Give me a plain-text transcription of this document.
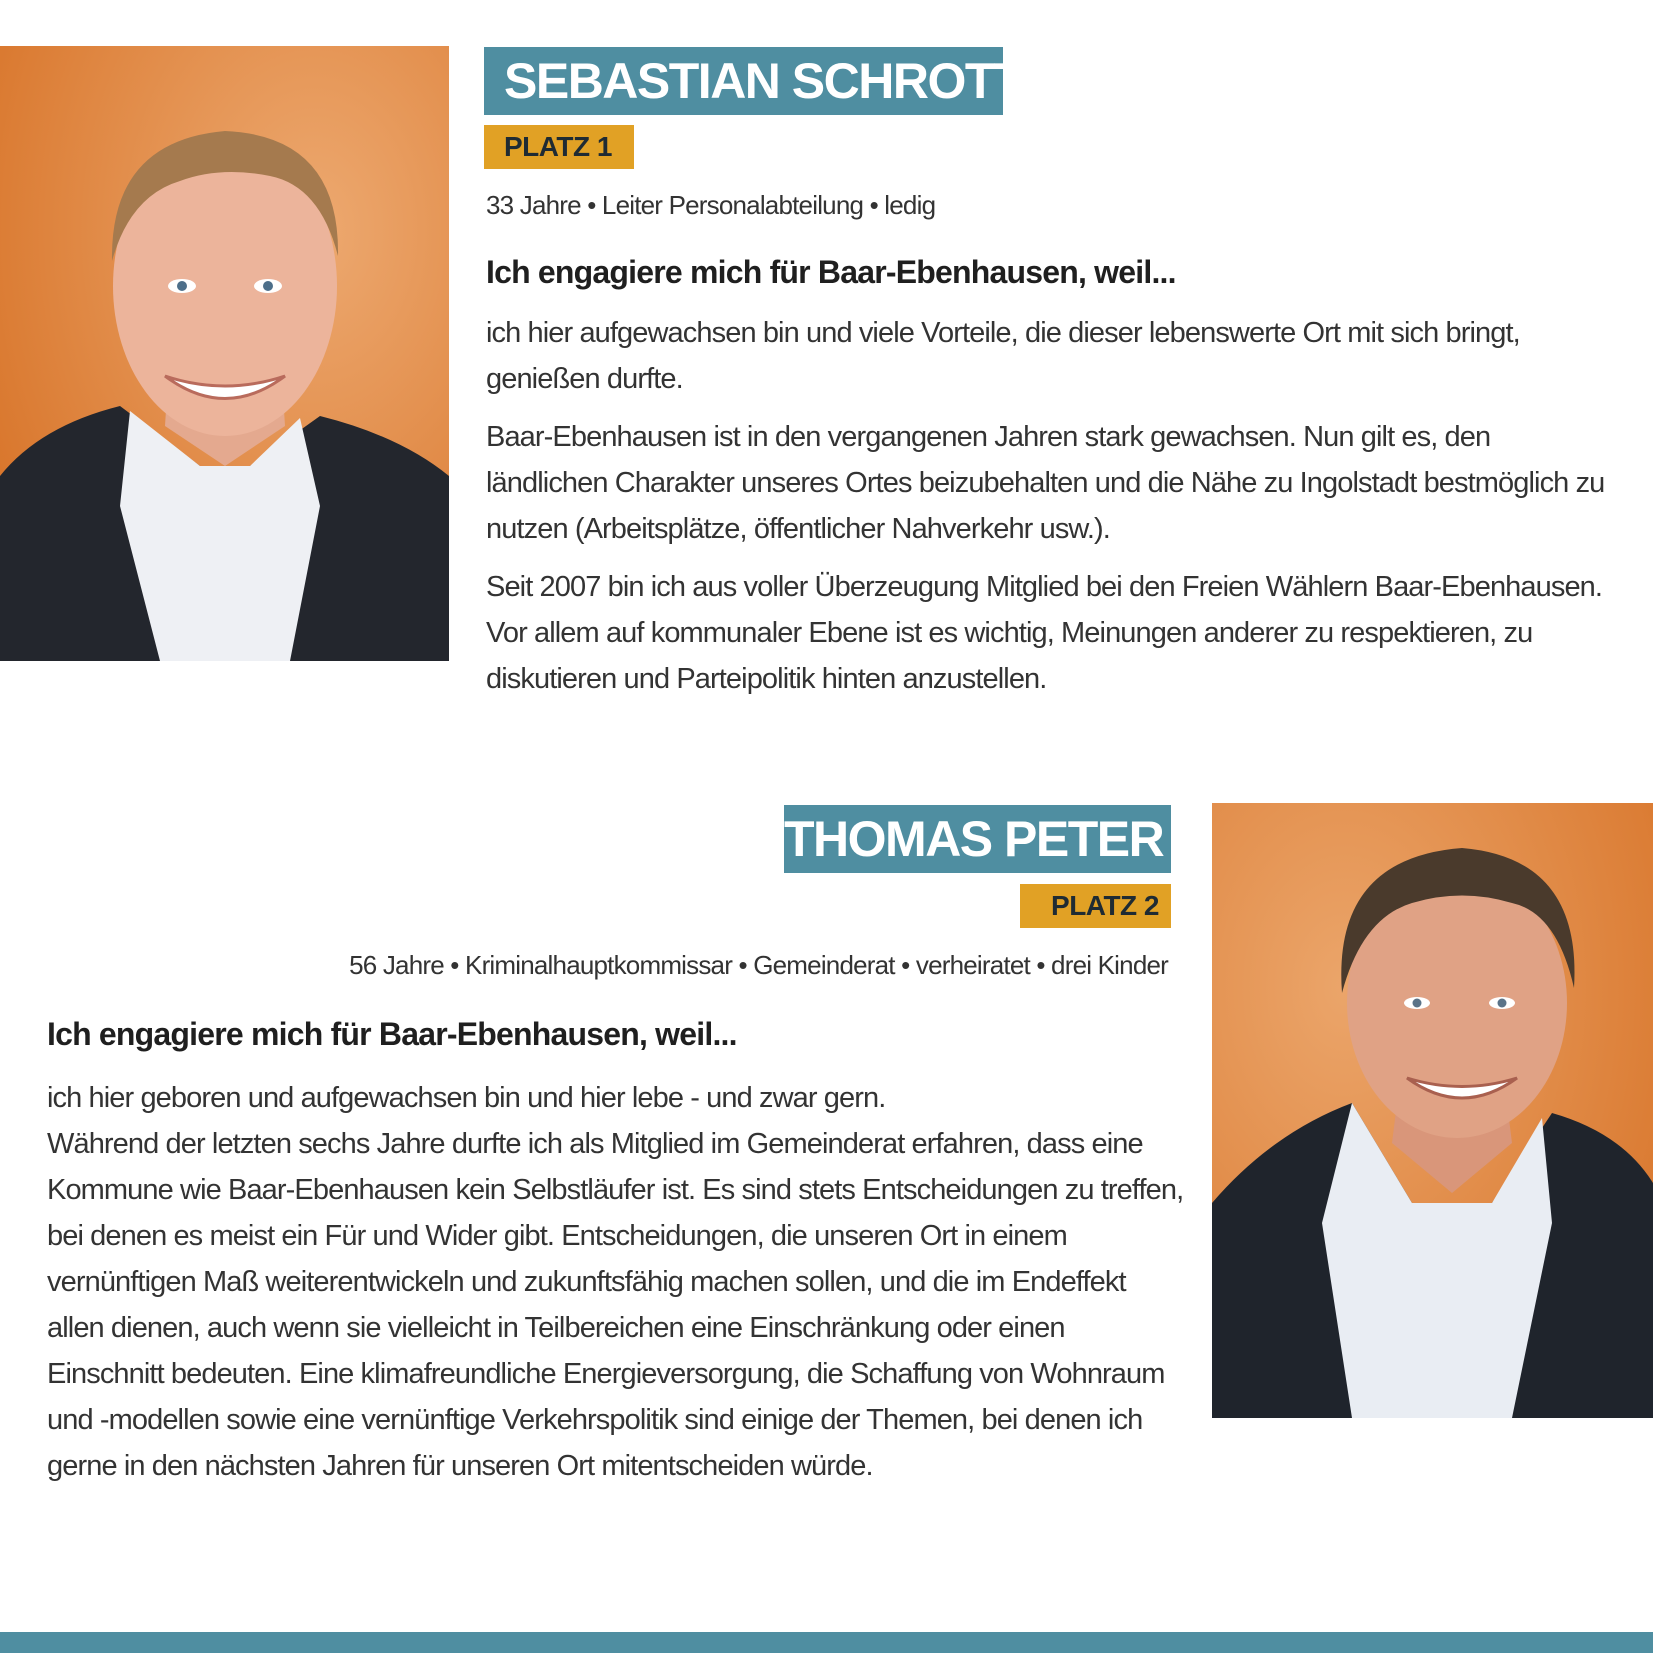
SEBASTIAN SCHROTT
PLATZ 1
33 Jahre • Leiter Personalabteilung • ledig
Ich engagiere mich für Baar-Ebenhausen, weil...

ich hier aufgewachsen bin und viele Vorteile, die dieser lebenswerte Ort mit sich bringt, genießen durfte.

Baar-Ebenhausen ist in den vergangenen Jahren stark gewachsen. Nun gilt es, den ländlichen Charakter unseres Ortes beizubehalten und die Nähe zu Ingolstadt bestmöglich zu nutzen (Arbeitsplätze, öffentlicher Nahverkehr usw.).

Seit 2007 bin ich aus voller Überzeugung Mitglied bei den Freien Wählern Baar-Ebenhausen. Vor allem auf kommunaler Ebene ist es wichtig, Meinungen anderer zu respektieren, zu diskutieren und Parteipolitik hinten anzustellen.

THOMAS PETER
PLATZ 2
56 Jahre • Kriminalhauptkommissar • Gemeinderat • verheiratet • drei Kinder
Ich engagiere mich für Baar-Ebenhausen, weil...

ich hier geboren und aufgewachsen bin und hier lebe - und zwar gern.

Während der letzten sechs Jahre durfte ich als Mitglied im Gemeinderat erfahren, dass eine Kommune wie Baar-Ebenhausen kein Selbstläufer ist. Es sind stets Entscheidungen zu treffen, bei denen es meist ein Für und Wider gibt. Entscheidungen, die unseren Ort in einem vernünftigen Maß weiterentwickeln und zukunftsfähig machen sollen, und die im Endeffekt allen dienen, auch wenn sie vielleicht in Teilbereichen eine Einschränkung oder einen Einschnitt bedeuten. Eine klimafreundliche Energieversorgung, die Schaffung von Wohnraum und -modellen sowie eine vernünftige Verkehrspolitik sind einige der Themen, bei denen ich gerne in den nächsten Jahren für unseren Ort mitentscheiden würde.
